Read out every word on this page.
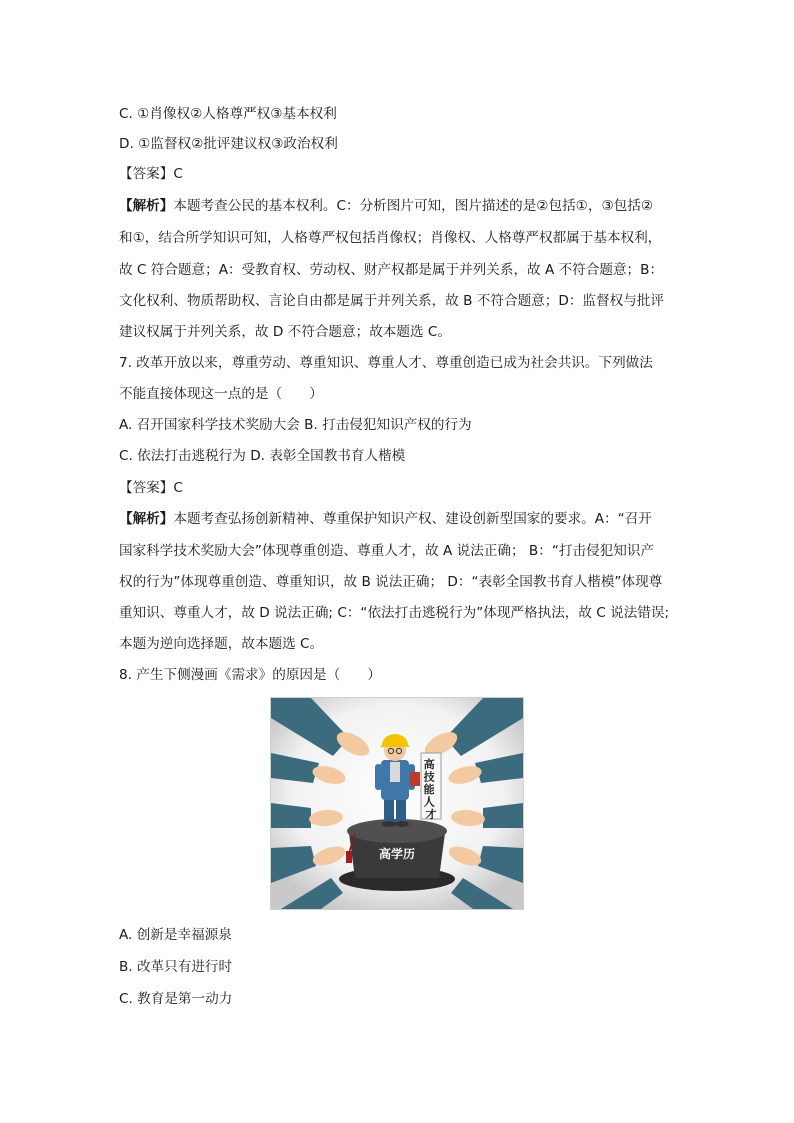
C. ①肖像权②人格尊严权③基本权利
D. ①监督权②批评建议权③政治权利
【答案】C
【解析】本题考查公民的基本权利。C：分析图片可知，图片描述的是②包括①，③包括②
和①，结合所学知识可知，人格尊严权包括肖像权；肖像权、人格尊严权都属于基本权利，
故 C 符合题意；A：受教育权、劳动权、财产权都是属于并列关系，故 A 不符合题意；B：
文化权利、物质帮助权、言论自由都是属于并列关系，故 B 不符合题意；D：监督权与批评
建议权属于并列关系，故 D 不符合题意；故本题选 C。
7. 改革开放以来，尊重劳动、尊重知识、尊重人才、尊重创造已成为社会共识。下列做法
不能直接体现这一点的是（　　）
A. 召开国家科学技术奖励大会 B. 打击侵犯知识产权的行为
C. 依法打击逃税行为 D. 表彰全国教书育人楷模
【答案】C
【解析】本题考查弘扬创新精神、尊重保护知识产权、建设创新型国家的要求。A：“召开
国家科学技术奖励大会”体现尊重创造、尊重人才，故 A 说法正确； B：“打击侵犯知识产
权的行为”体现尊重创造、尊重知识，故 B 说法正确； D：“表彰全国教书育人楷模”体现尊
重知识、尊重人才，故 D 说法正确; C：“依法打击逃税行为”体现严格执法，故 C 说法错误;
本题为逆向选择题，故本题选 C。
8. 产生下侧漫画《需求》的原因是（　　）
高学历
高 技 能 人 才
A. 创新是幸福源泉
B. 改革只有进行时
C. 教育是第一动力
